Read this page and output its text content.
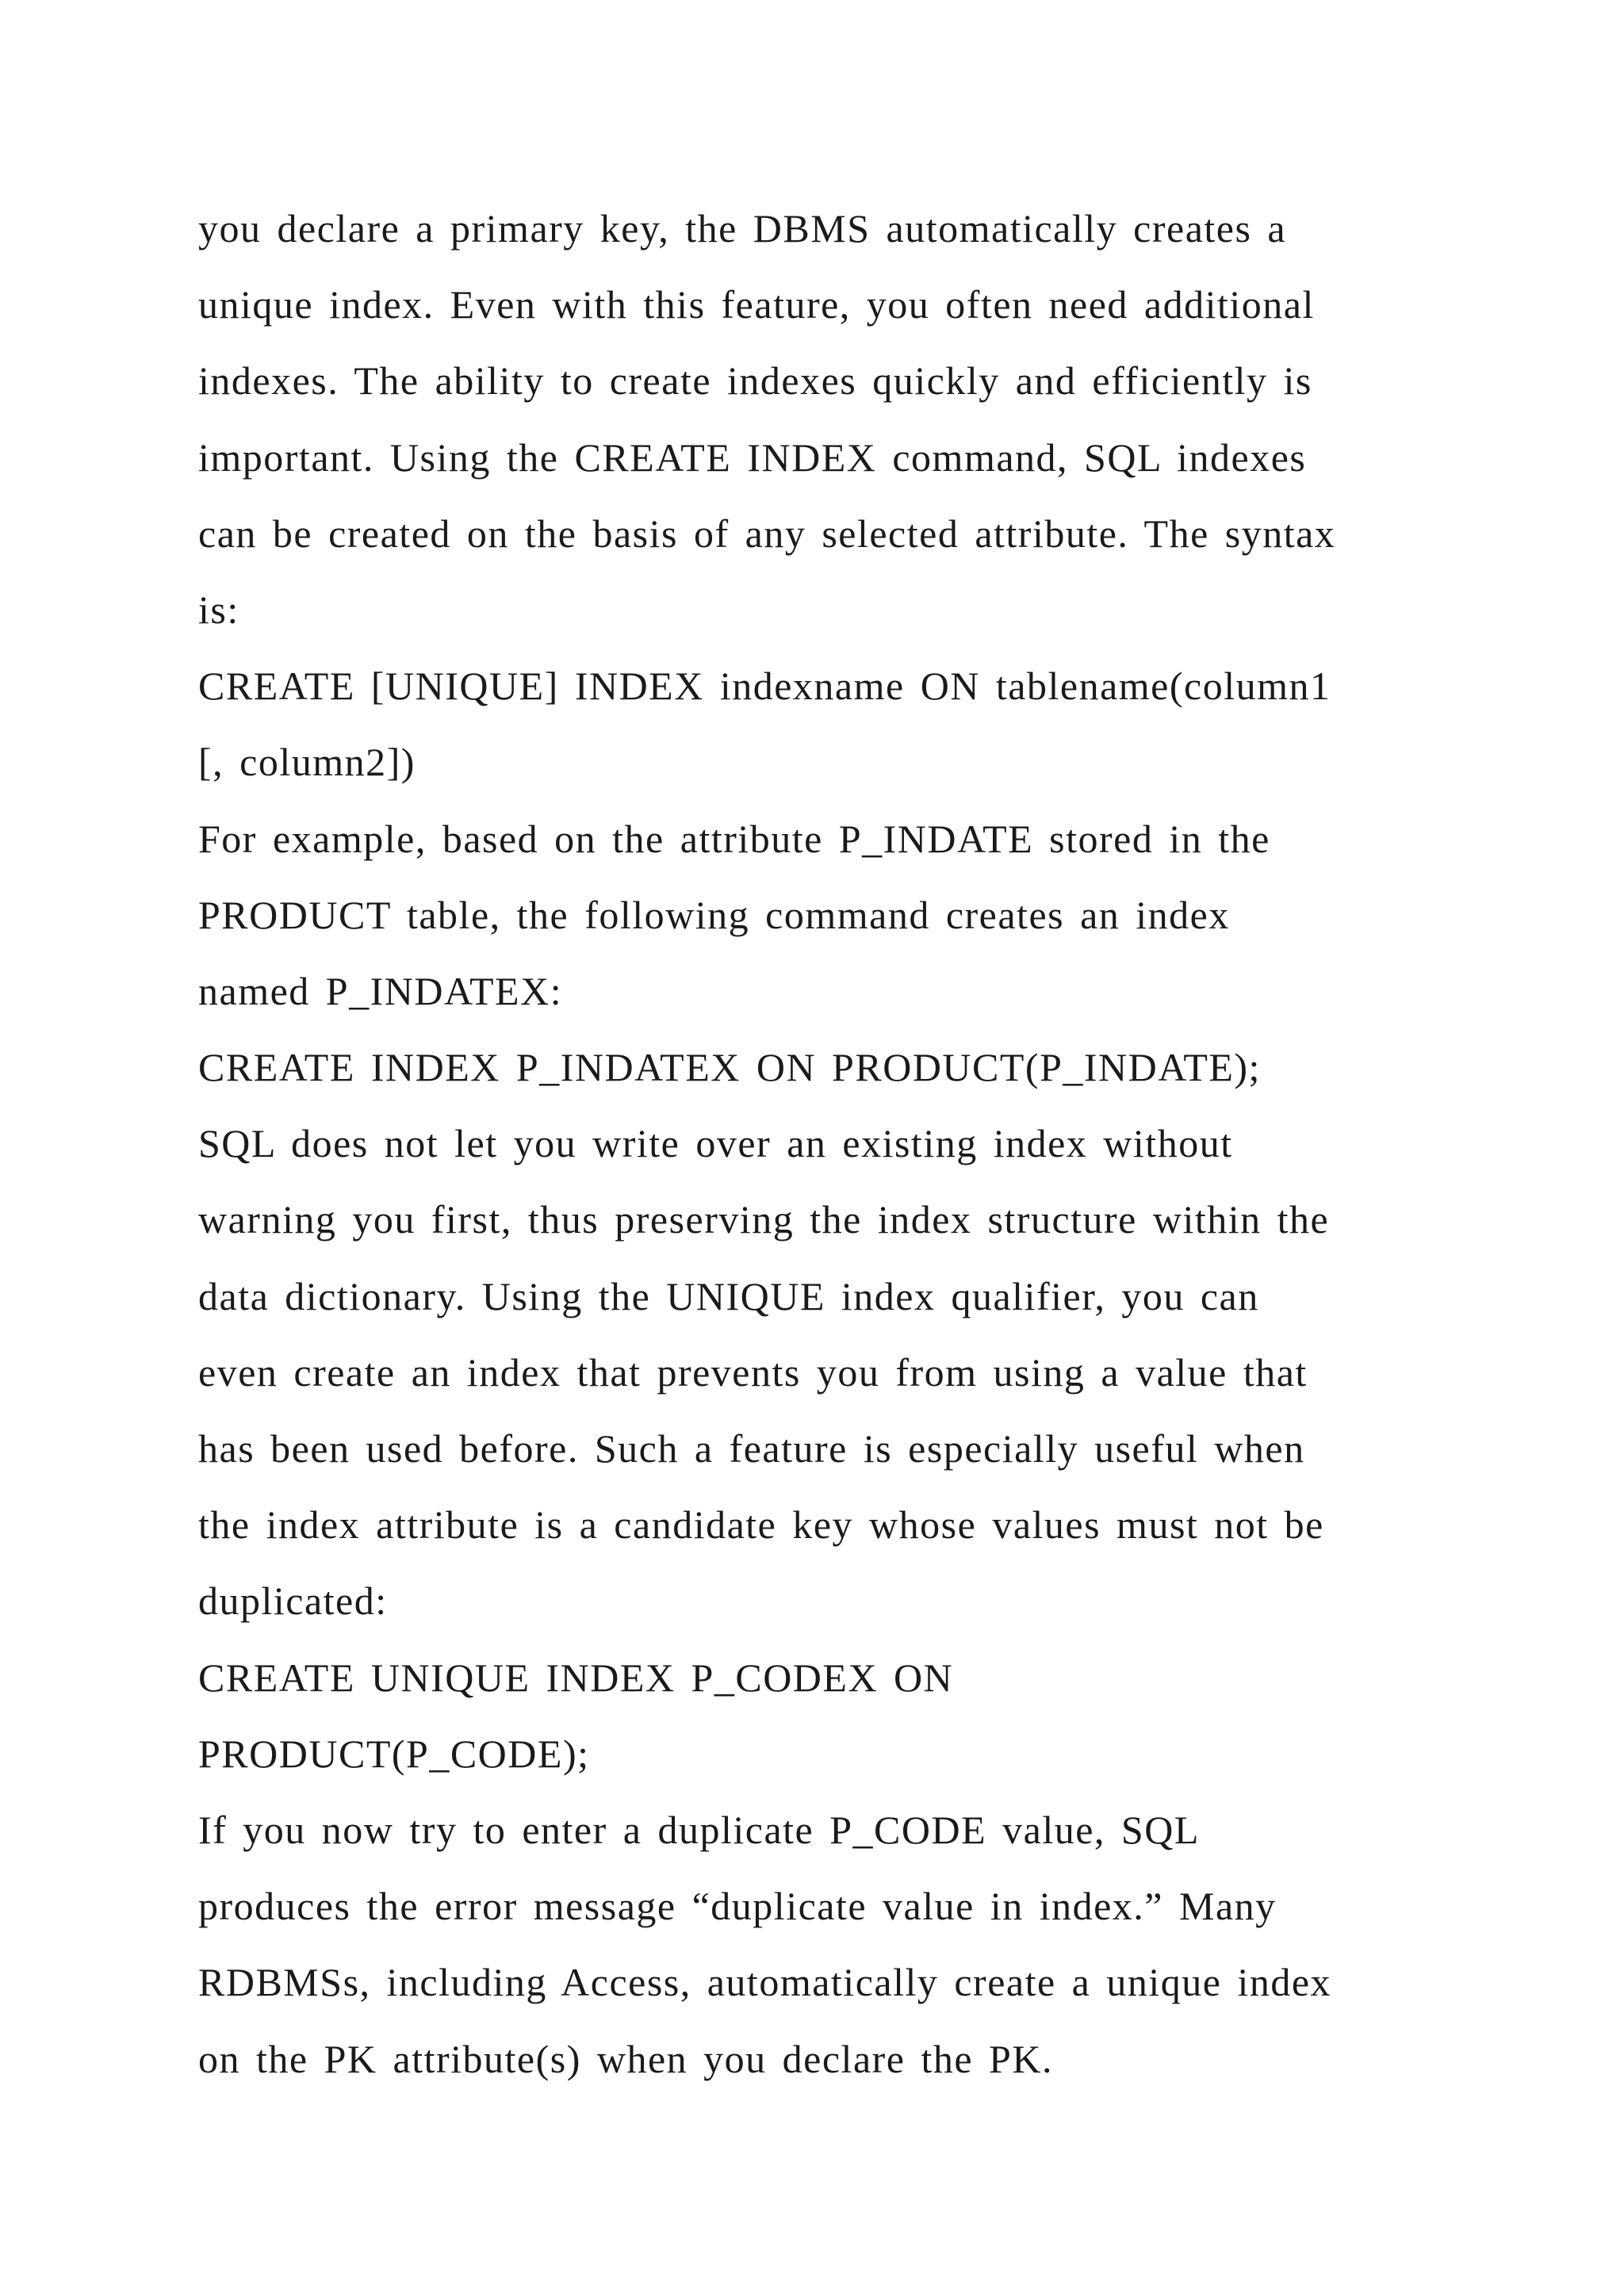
you declare a primary key, the DBMS automatically creates a
unique index. Even with this feature, you often need additional
indexes. The ability to create indexes quickly and efficiently is
important. Using the CREATE INDEX command, SQL indexes
can be created on the basis of any selected attribute. The syntax
is:
CREATE [UNIQUE] INDEX indexname ON tablename(column1
[, column2])
For example, based on the attribute P_INDATE stored in the
PRODUCT table, the following command creates an index
named P_INDATEX:
CREATE INDEX P_INDATEX ON PRODUCT(P_INDATE);
SQL does not let you write over an existing index without
warning you first, thus preserving the index structure within the
data dictionary. Using the UNIQUE index qualifier, you can
even create an index that prevents you from using a value that
has been used before. Such a feature is especially useful when
the index attribute is a candidate key whose values must not be
duplicated:
CREATE UNIQUE INDEX P_CODEX ON
PRODUCT(P_CODE);
If you now try to enter a duplicate P_CODE value, SQL
produces the error message “duplicate value in index.” Many
RDBMSs, including Access, automatically create a unique index
on the PK attribute(s) when you declare the PK.
